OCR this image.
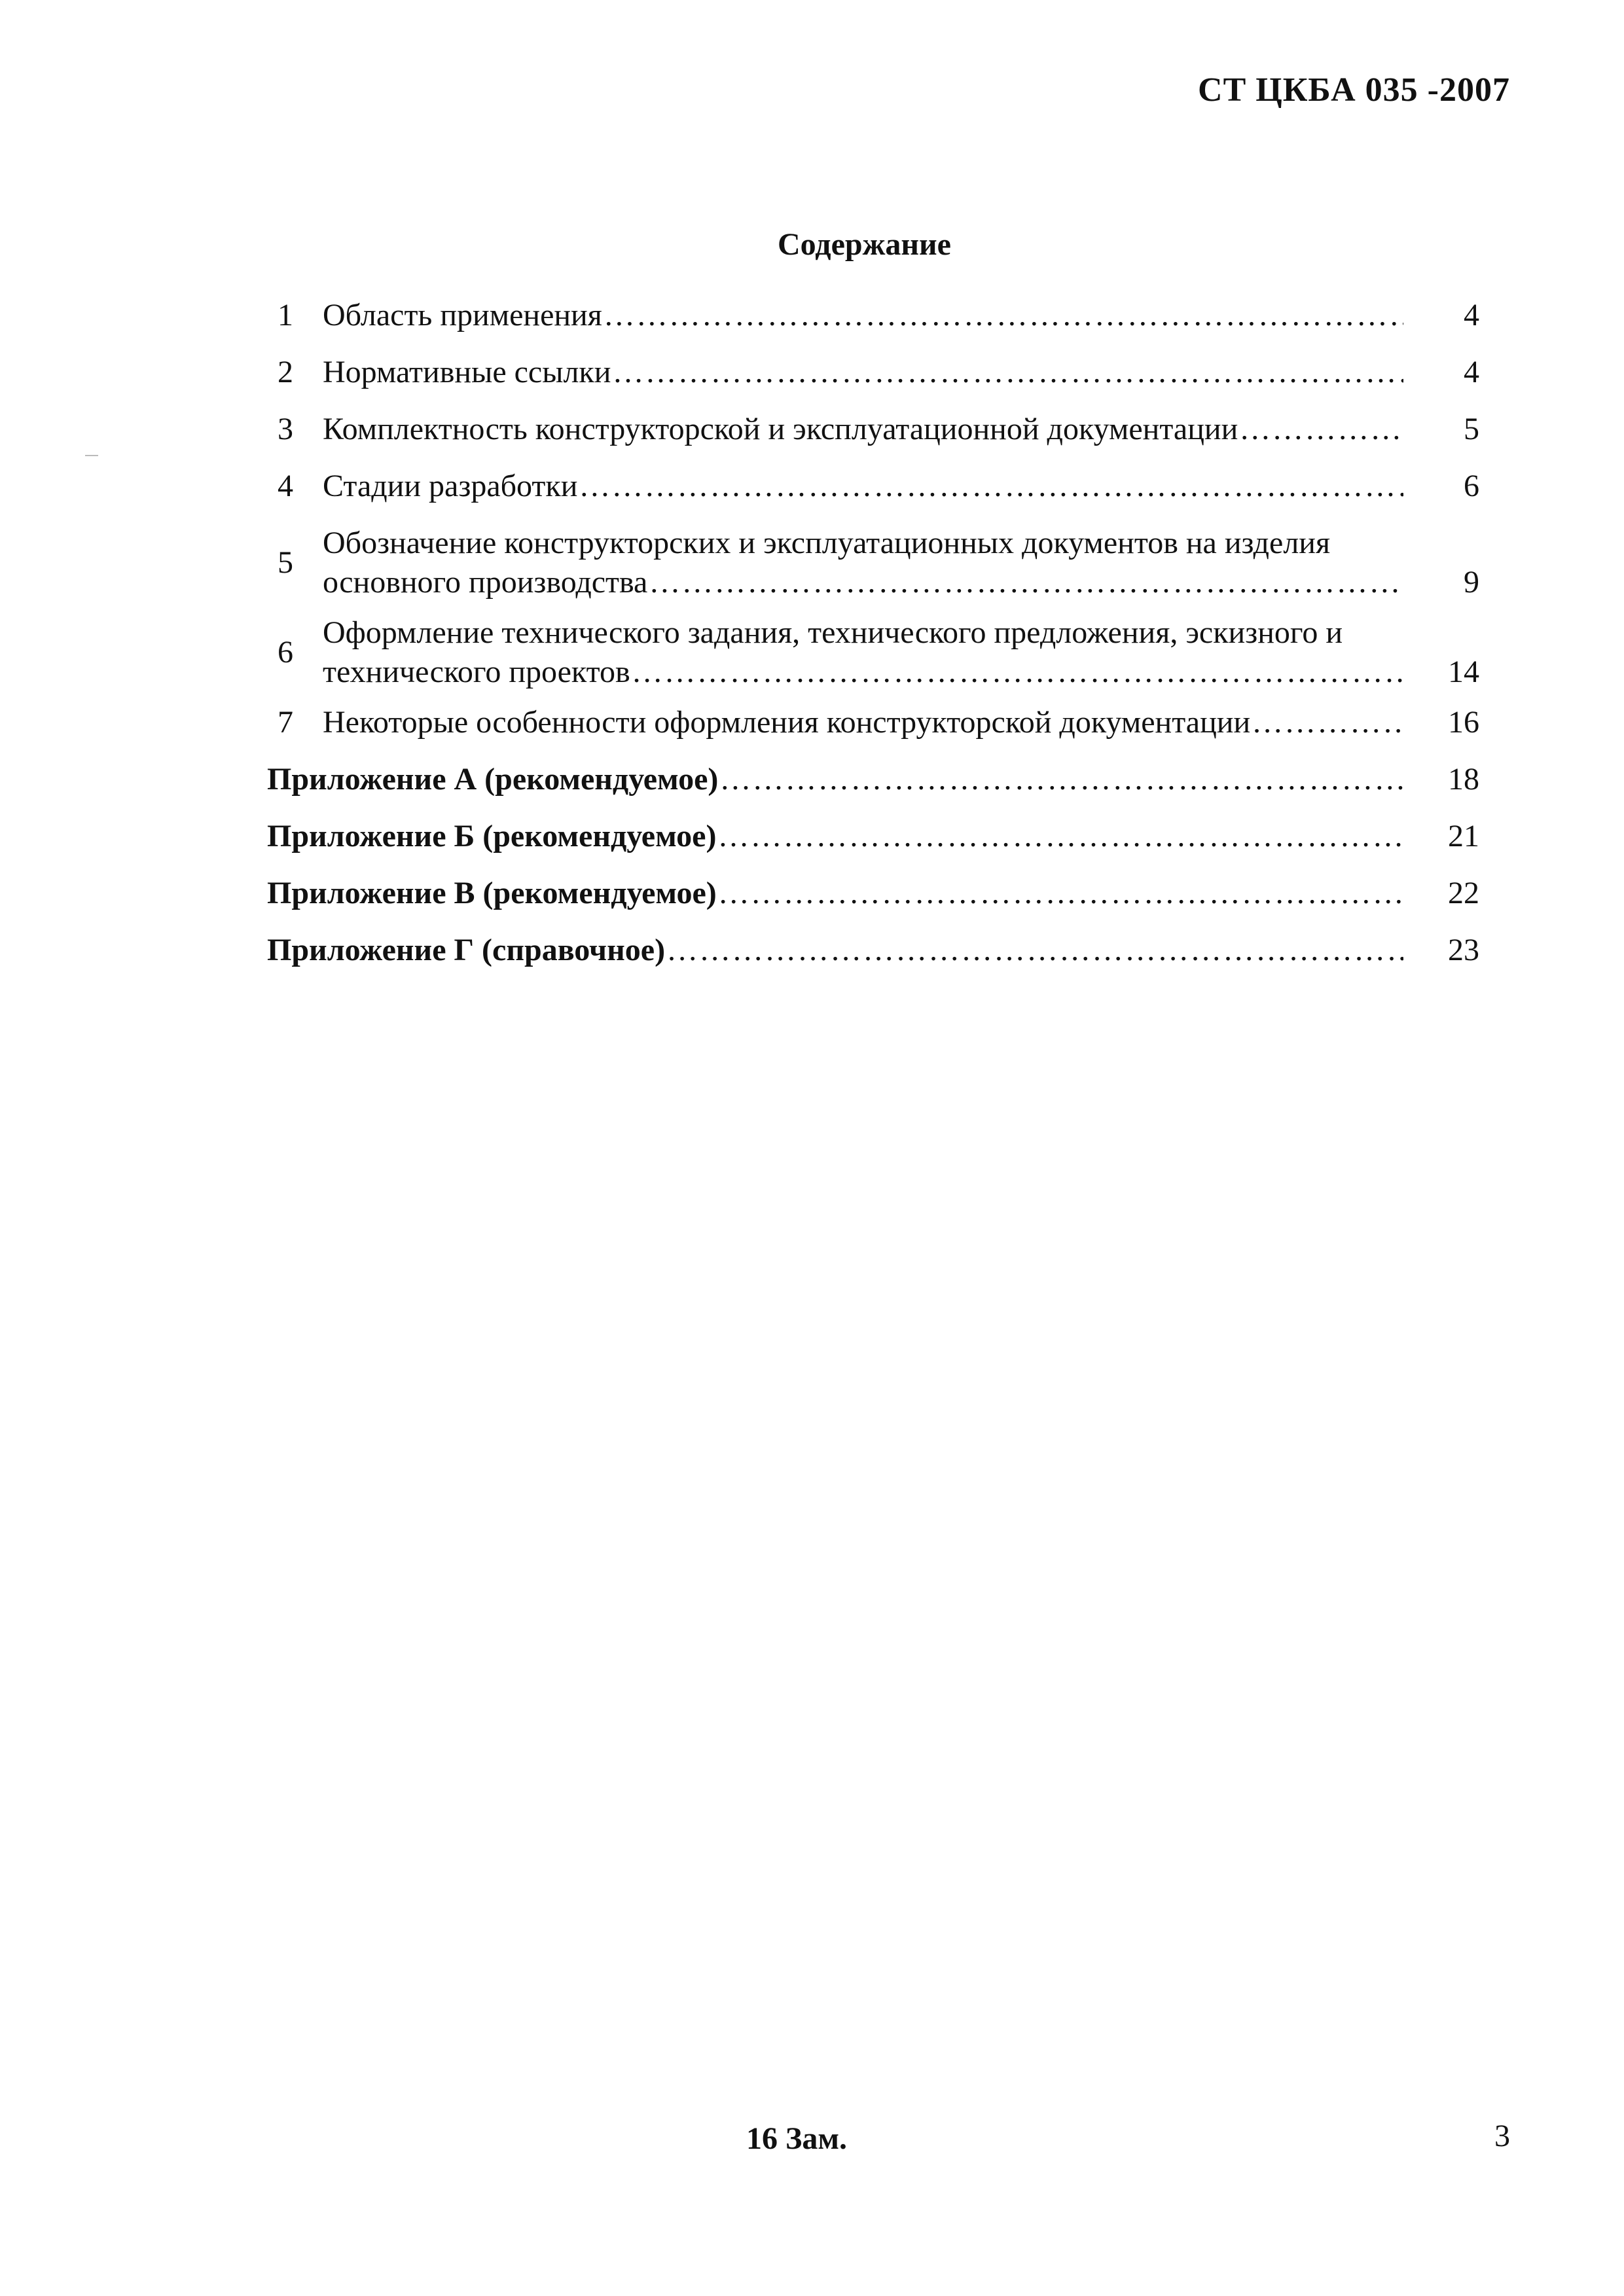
СТ ЦКБА 035 -2007
Содержание
1 Область применения …………………………………………………………………………………………………………………………………………………………………………………………	4
2 Нормативные ссылки …………………………………………………………………………………………………………………………………………………………………………………………	4
3 Комплектность конструкторской и эксплуатационной документации …………………………………………………………………………………………………………………………………………………………………………………………	5
4 Стадии разработки …………………………………………………………………………………………………………………………………………………………………………………………	6
5
Обозначение конструкторских и эксплуатационных документов на изделия
основного производства …………………………………………………………………………………………………………………………………………………………………………………………	9
6
Оформление технического задания, технического предложения, эскизного и
технического проектов …………………………………………………………………………………………………………………………………………………………………………………………	14
7 Некоторые особенности оформления конструкторской документации …………………………………………………………………………………………………………………………………………………………………………………………	16
Приложение А (рекомендуемое) …………………………………………………………………………………………………………………………………………………………………………………………	18
Приложение Б (рекомендуемое) …………………………………………………………………………………………………………………………………………………………………………………………	21
Приложение В (рекомендуемое) …………………………………………………………………………………………………………………………………………………………………………………………	22
Приложение Г (справочное) …………………………………………………………………………………………………………………………………………………………………………………………	23
16 Зам.	3
